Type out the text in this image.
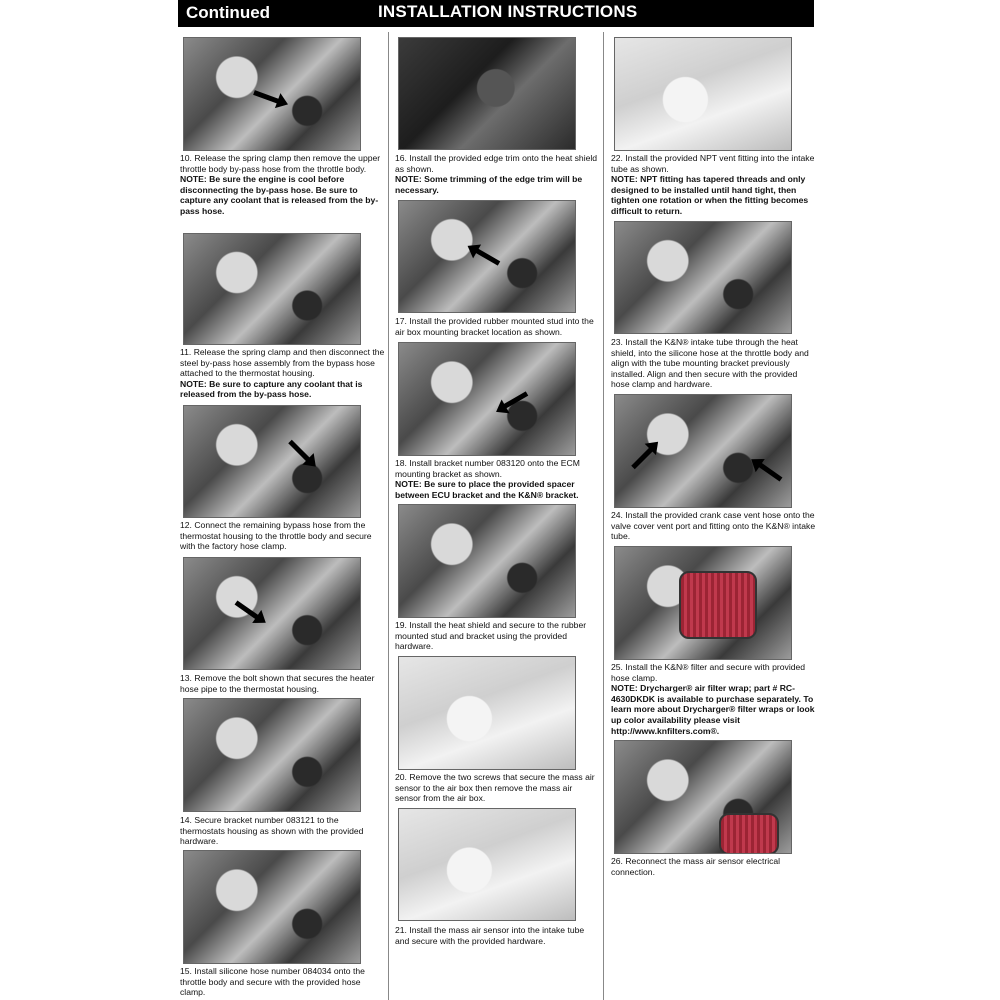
Continued	INSTALLATION INSTRUCTIONS

10. Release the spring clamp then remove the upper throttle body by-pass hose from the throttle body.

NOTE: Be sure the engine is cool before disconnecting the by-pass hose. Be sure to capture any coolant that is released from the by-pass hose.

11. Release the spring clamp and then disconnect the steel by-pass hose assembly from the bypass hose attached to the thermostat housing.

NOTE: Be sure to capture any coolant that is released from the by-pass hose.

12. Connect the remaining bypass hose from the thermostat housing to the throttle body and secure with the factory hose clamp.

13. Remove the bolt shown that secures the heater hose pipe to the thermostat housing.

14. Secure bracket number 083121 to the thermostats housing as shown with the provided hardware.

15. Install silicone hose number 084034 onto the throttle body and secure with the provided hose clamp.

16. Install the provided edge trim onto the heat shield as shown.

NOTE: Some trimming of the edge trim will be necessary.

17. Install the provided rubber mounted stud into the air box mounting bracket location as shown.

18. Install bracket number 083120 onto the ECM mounting bracket as shown.

NOTE: Be sure to place the provided spacer between ECU bracket and the K&N® bracket.

19. Install the heat shield and secure to the rubber mounted stud and bracket using the provided hardware.

20. Remove the two screws that secure the mass air sensor to the air box then remove the mass air sensor from the air box.

21. Install the mass air sensor into the intake tube and secure with the provided hardware.

22. Install the provided NPT vent fitting into the intake tube as shown.

NOTE: NPT fitting has tapered threads and only designed to be installed until hand tight, then tighten one rotation or when the fitting becomes difficult to return.

23. Install the K&N® intake tube through the heat shield, into the silicone hose at the throttle body and align with the tube mounting bracket previously installed. Align and then secure with the provided hose clamp and hardware.

24. Install the provided crank case vent hose onto the valve cover vent port and fitting onto the K&N® intake tube.

25. Install the K&N® filter and secure with provided hose clamp.

NOTE: Drycharger® air filter wrap; part # RC-4630DKDK is available to purchase separately. To learn more about Drycharger® filter wraps or look up color availability please visit http://www.knfilters.com®.

26. Reconnect the mass air sensor electrical connection.
